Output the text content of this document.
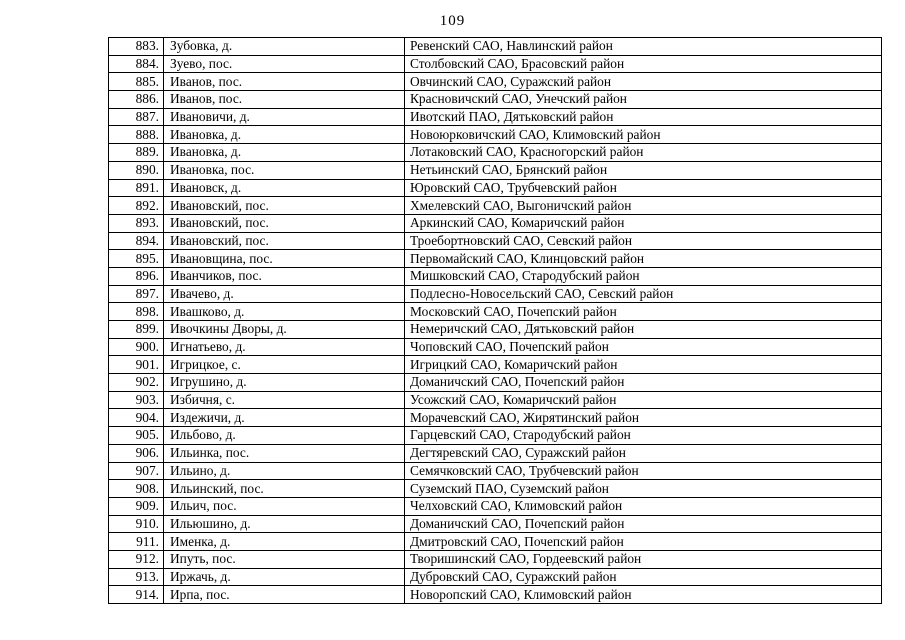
109
883.	Зубовка, д.	Ревенский САО, Навлинский район
884.	Зуево, пос.	Столбовский САО, Брасовский район
885.	Иванов, пос.	Овчинский САО, Суражский район
886.	Иванов, пос.	Красновичский САО, Унечский район
887.	Ивановичи, д.	Ивотский ПАО, Дятьковский район
888.	Ивановка, д.	Новоюрковичский САО, Климовский район
889.	Ивановка, д.	Лотаковский САО, Красногорский район
890.	Ивановка, пос.	Нетьинский САО, Брянский район
891.	Ивановск, д.	Юровский САО, Трубчевский район
892.	Ивановский, пос.	Хмелевский САО, Выгоничский район
893.	Ивановский, пос.	Аркинский САО, Комаричский район
894.	Ивановский, пос.	Троебортновский САО, Севский район
895.	Ивановщина, пос.	Первомайский САО, Клинцовский район
896.	Иванчиков, пос.	Мишковский САО, Стародубский район
897.	Ивачево, д.	Подлесно-Новосельский САО, Севский район
898.	Ивашково, д.	Московский САО, Почепский район
899.	Ивочкины Дворы, д.	Немеричский САО, Дятьковский район
900.	Игнатьево, д.	Чоповский САО, Почепский район
901.	Игрицкое, с.	Игрицкий САО, Комаричский район
902.	Игрушино, д.	Доманичский САО, Почепский район
903.	Избичня, с.	Усожский САО, Комаричский район
904.	Издежичи, д.	Морачевский САО, Жирятинский район
905.	Ильбово, д.	Гарцевский САО, Стародубский район
906.	Ильинка, пос.	Дегтяревский САО, Суражский район
907.	Ильино, д.	Семячковский САО, Трубчевский район
908.	Ильинский, пос.	Суземский ПАО, Суземский район
909.	Ильич, пос.	Челховский САО, Климовский район
910.	Ильюшино, д.	Доманичский САО, Почепский район
911.	Именка, д.	Дмитровский САО, Почепский район
912.	Ипуть, пос.	Творишинский САО, Гордеевский район
913.	Иржачь, д.	Дубровский САО, Суражский район
914.	Ирпа, пос.	Новоропский САО, Климовский район
